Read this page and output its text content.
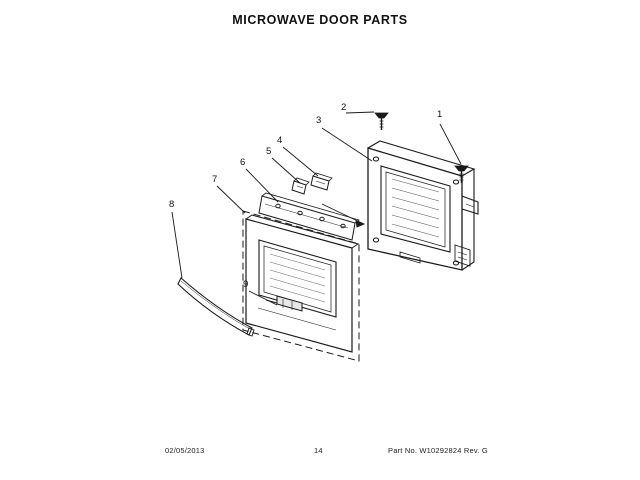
MICROWAVE DOOR PARTS
1
2
3
4
5
6
7
8
9
02/05/2013	14	Part No. W10292824 Rev. G
